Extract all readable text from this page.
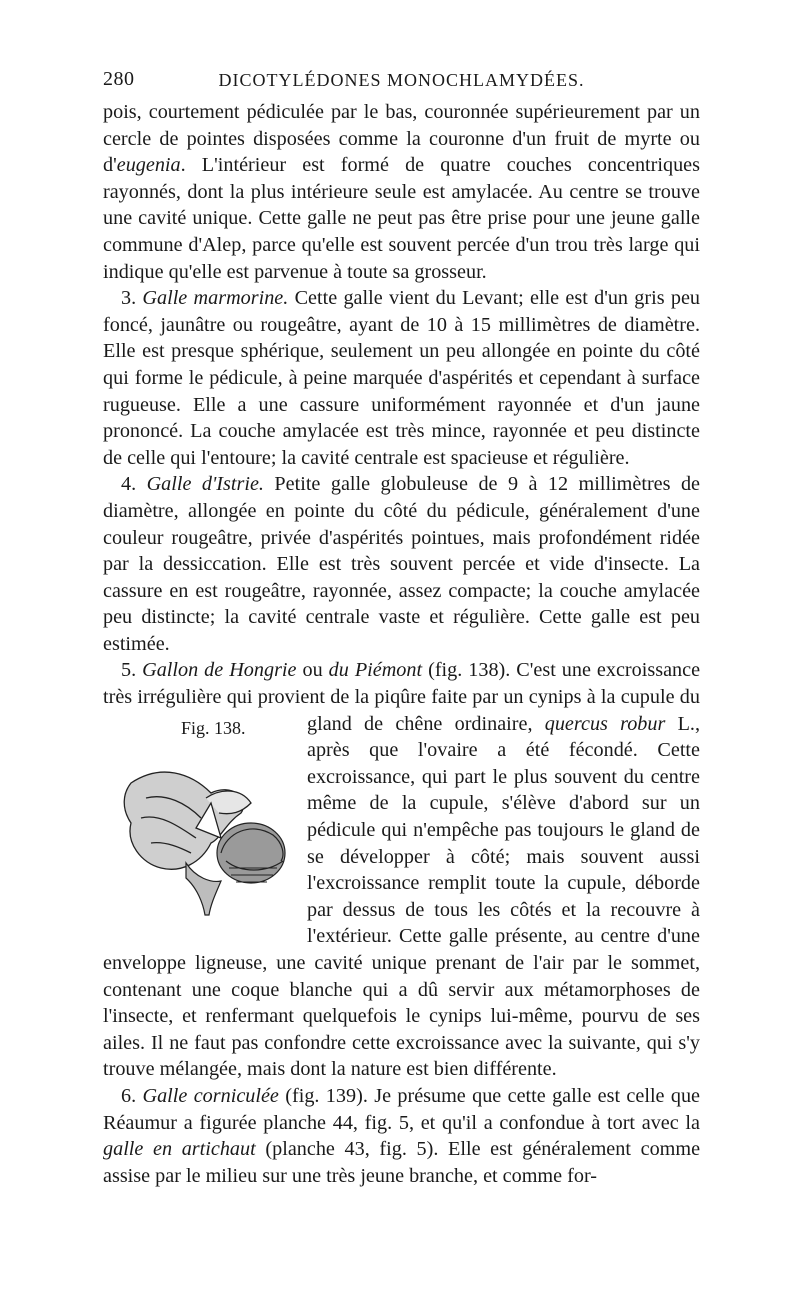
280	DICOTYLÉDONES MONOCHLAMYDÉES.

pois, courtement pédiculée par le bas, couronnée supérieurement par un cercle de pointes disposées comme la couronne d'un fruit de myrte ou d'eugenia. L'intérieur est formé de quatre couches concentriques rayonnés, dont la plus intérieure seule est amylacée. Au centre se trouve une cavité unique. Cette galle ne peut pas être prise pour une jeune galle commune d'Alep, parce qu'elle est souvent percée d'un trou très large qui indique qu'elle est parvenue à toute sa grosseur.

3. Galle marmorine. Cette galle vient du Levant; elle est d'un gris peu foncé, jaunâtre ou rougeâtre, ayant de 10 à 15 millimètres de diamètre. Elle est presque sphérique, seulement un peu allongée en pointe du côté qui forme le pédicule, à peine marquée d'aspérités et cependant à surface rugueuse. Elle a une cassure uniformément rayonnée et d'un jaune prononcé. La couche amylacée est très mince, rayonnée et peu distincte de celle qui l'entoure; la cavité centrale est spacieuse et régulière.

4. Galle d'Istrie. Petite galle globuleuse de 9 à 12 millimètres de diamètre, allongée en pointe du côté du pédicule, généralement d'une couleur rougeâtre, privée d'aspérités pointues, mais profondément ridée par la dessiccation. Elle est très souvent percée et vide d'insecte. La cassure en est rougeâtre, rayonnée, assez compacte; la couche amylacée peu distincte; la cavité centrale vaste et régulière. Cette galle est peu estimée.

5. Gallon de Hongrie ou du Piémont (fig. 138). C'est une excroissance très irrégulière qui provient de la piqûre faite par un cynips à la cupule du gland de chêne ordinaire, quercus robur
Fig. 138.	L., après que l'ovaire a été fécondé. Cette excroissance, qui part le plus souvent du centre même de la cupule, s'élève d'abord sur un pédicule qui n'empêche pas toujours le gland de se développer à côté; mais souvent aussi l'excroissance remplit toute la cupule, déborde par dessus de tous les côtés et la recouvre à l'extérieur. Cette galle présente, au centre d'une enveloppe ligneuse, une cavité unique prenant de l'air par le sommet, contenant une coque blanche qui a dû servir aux métamorphoses de l'insecte, et renfermant quelquefois le cynips lui-même, pourvu de ses ailes. Il ne faut pas confondre cette excroissance avec la suivante, qui s'y trouve mélangée, mais dont la nature est bien différente.

6. Galle corniculée (fig. 139). Je présume que cette galle est celle que Réaumur a figurée planche 44, fig. 5, et qu'il a confondue à tort avec la galle en artichaut (planche 43, fig. 5). Elle est généralement comme assise par le milieu sur une très jeune branche, et comme for-
